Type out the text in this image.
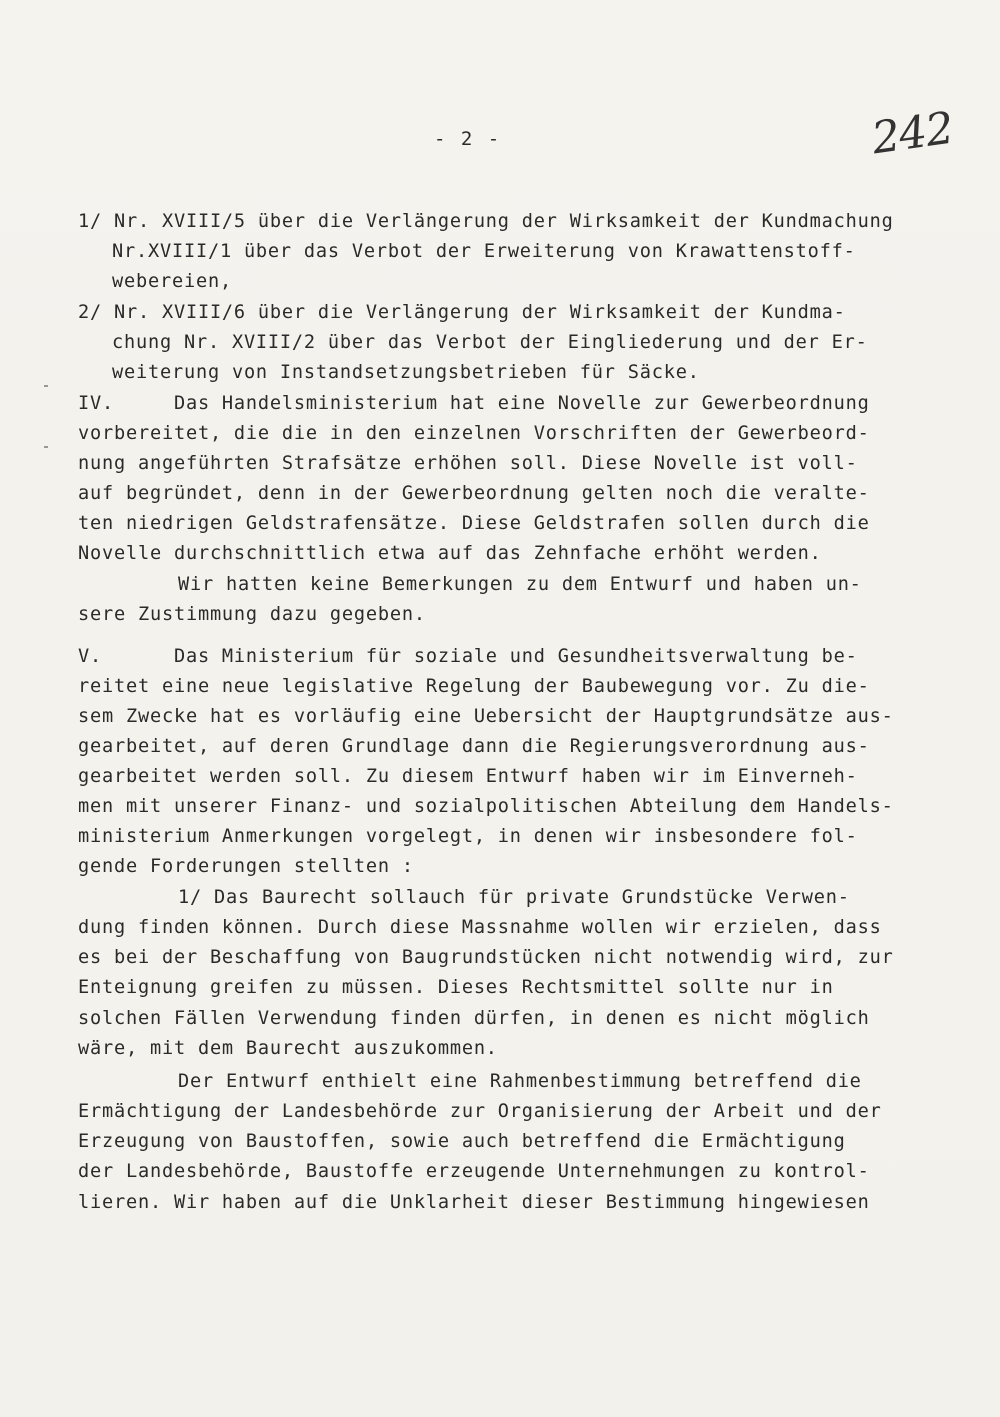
- 2 -	242
1/ Nr. XVIII/5 über die Verlängerung der Wirksamkeit der Kundmachung
Nr.XVIII/1 über das Verbot der Erweiterung von Krawattenstoff-
webereien,
2/ Nr. XVIII/6 über die Verlängerung der Wirksamkeit der Kundma-
chung Nr. XVIII/2 über das Verbot der Eingliederung und der Er-
weiterung von Instandsetzungsbetrieben für Säcke.
IV.     Das Handelsministerium hat eine Novelle zur Gewerbeordnung
vorbereitet, die die in den einzelnen Vorschriften der Gewerbeord-
nung angeführten Strafsätze erhöhen soll. Diese Novelle ist voll-
auf begründet, denn in der Gewerbeordnung gelten noch die veralte-
ten niedrigen Geldstrafensätze. Diese Geldstrafen sollen durch die
Novelle durchschnittlich etwa auf das Zehnfache erhöht werden.
Wir hatten keine Bemerkungen zu dem Entwurf und haben un-
sere Zustimmung dazu gegeben.
V.      Das Ministerium für soziale und Gesundheitsverwaltung be-
reitet eine neue legislative Regelung der Baubewegung vor. Zu die-
sem Zwecke hat es vorläufig eine Uebersicht der Hauptgrundsätze aus-
gearbeitet, auf deren Grundlage dann die Regierungsverordnung aus-
gearbeitet werden soll. Zu diesem Entwurf haben wir im Einverneh-
men mit unserer Finanz- und sozialpolitischen Abteilung dem Handels-
ministerium Anmerkungen vorgelegt, in denen wir insbesondere fol-
gende Forderungen stellten :
1/ Das Baurecht sollauch für private Grundstücke Verwen-
dung finden können. Durch diese Massnahme wollen wir erzielen, dass
es bei der Beschaffung von Baugrundstücken nicht notwendig wird, zur
Enteignung greifen zu müssen. Dieses Rechtsmittel sollte nur in
solchen Fällen Verwendung finden dürfen, in denen es nicht möglich
wäre, mit dem Baurecht auszukommen.
Der Entwurf enthielt eine Rahmenbestimmung betreffend die
Ermächtigung der Landesbehörde zur Organisierung der Arbeit und der
Erzeugung von Baustoffen, sowie auch betreffend die Ermächtigung
der Landesbehörde, Baustoffe erzeugende Unternehmungen zu kontrol-
lieren. Wir haben auf die Unklarheit dieser Bestimmung hingewiesen
